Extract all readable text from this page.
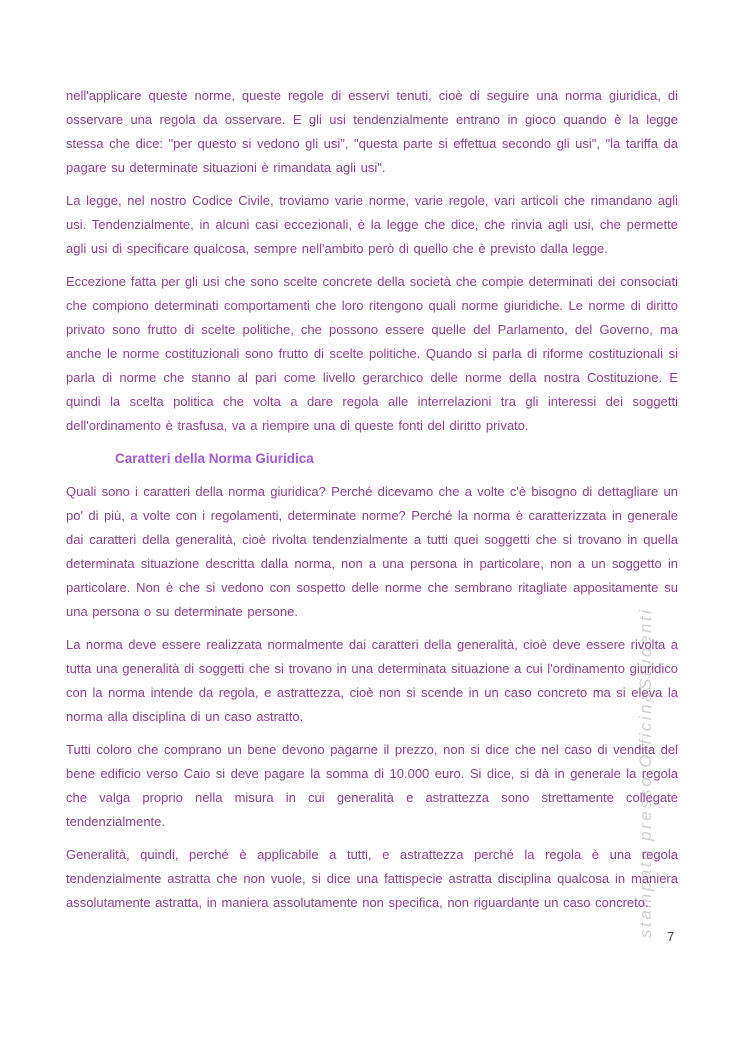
stampato presso OfficinaStudenti

nell'applicare queste norme, queste regole di esservi tenuti, cioè di seguire una norma giuridica, di osservare una regola da osservare. E gli usi tendenzialmente entrano in gioco quando è la legge stessa che dice: "per questo si vedono gli usi", "questa parte si effettua secondo gli usi", "la tariffa da pagare su determinate situazioni è rimandata agli usi".

La legge, nel nostro Codice Civile, troviamo varie norme, varie regole, vari articoli che rimandano agli usi. Tendenzialmente, in alcuni casi eccezionali, è la legge che dice, che rinvia agli usi, che permette agli usi di specificare qualcosa, sempre nell'ambito però di quello che è previsto dalla legge.

Eccezione fatta per gli usi che sono scelte concrete della società che compie determinati dei consociati che compiono determinati comportamenti che loro ritengono quali norme giuridiche. Le norme di diritto privato sono frutto di scelte politiche, che possono essere quelle del Parlamento, del Governo, ma anche le norme costituzionali sono frutto di scelte politiche. Quando si parla di riforme costituzionali si parla di norme che stanno al pari come livello gerarchico delle norme della nostra Costituzione. E quindi la scelta politica che volta a dare regola alle interrelazioni tra gli interessi dei soggetti dell'ordinamento è trasfusa, va a riempire una di queste fonti del diritto privato.

Caratteri della Norma Giuridica

Quali sono i caratteri della norma giuridica? Perché dicevamo che a volte c'è bisogno di dettagliare un po' di più, a volte con i regolamenti, determinate norme? Perché la norma è caratterizzata in generale dai caratteri della generalità, cioè rivolta tendenzialmente a tutti quei soggetti che si trovano in quella determinata situazione descritta dalla norma, non a una persona in particolare, non a un soggetto in particolare. Non è che si vedono con sospetto delle norme che sembrano ritagliate appositamente su una persona o su determinate persone.

La norma deve essere realizzata normalmente dai caratteri della generalità, cioè deve essere rivolta a tutta una generalità di soggetti che si trovano in una determinata situazione a cui l'ordinamento giuridico con la norma intende da regola, e astrattezza, cioè non si scende in un caso concreto ma si eleva la norma alla disciplina di un caso astratto.

Tutti coloro che comprano un bene devono pagarne il prezzo, non si dice che nel caso di vendita del bene edificio verso Caio si deve pagare la somma di 10.000 euro. Si dice, si dà in generale la regola che valga proprio nella misura in cui generalità e astrattezza sono strettamente collegate tendenzialmente.

Generalità, quindi, perché è applicabile a tutti, e astrattezza perché la regola è una regola tendenzialmente astratta che non vuole, si dice una fattispecie astratta disciplina qualcosa in maniera assolutamente astratta, in maniera assolutamente non specifica, non riguardante un caso concreto.

7
